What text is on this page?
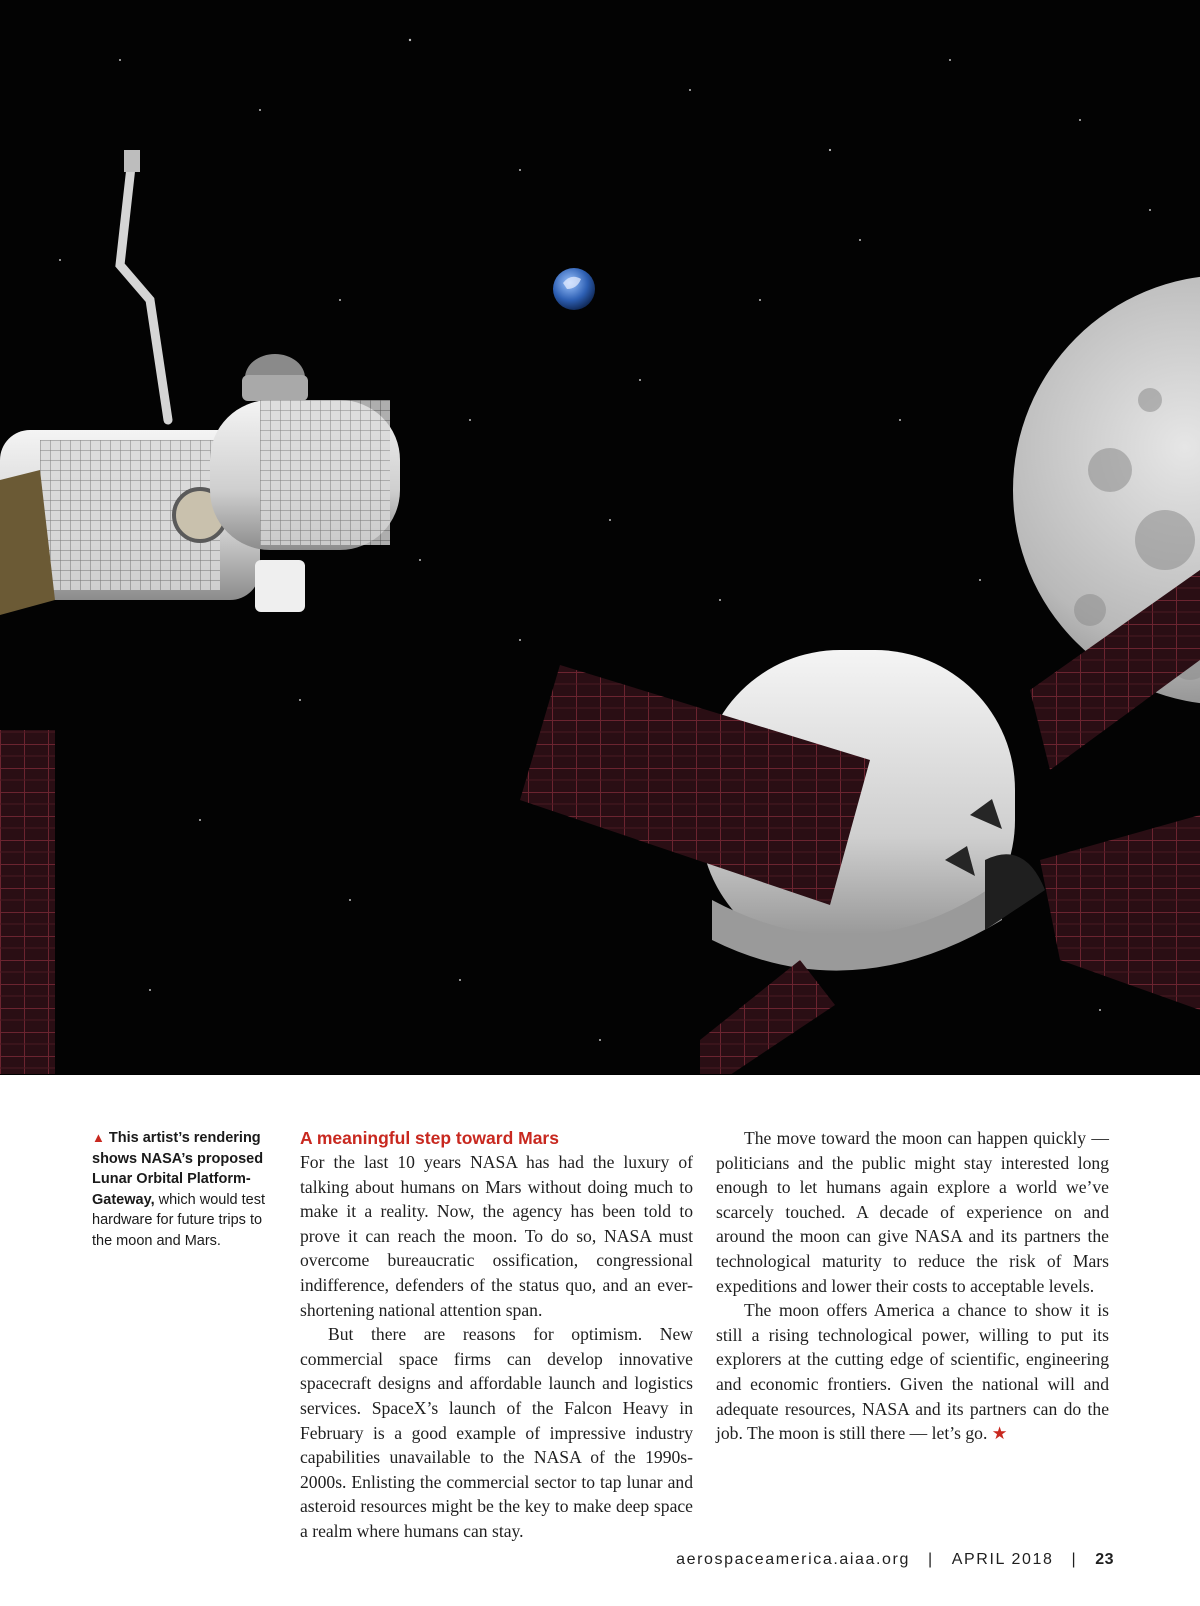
▲ This artist’s rendering shows NASA’s proposed Lunar Orbital Platform-Gateway, which would test hardware for future trips to the moon and Mars.

A meaningful step toward Mars

For the last 10 years NASA has had the luxury of talking about humans on Mars without doing much to make it a reality. Now, the agency has been told to prove it can reach the moon. To do so, NASA must overcome bureaucratic ossification, congressional indifference, defenders of the status quo, and an ever-shortening national attention span.

But there are reasons for optimism. New commercial space firms can develop innovative spacecraft designs and affordable launch and logistics services. SpaceX’s launch of the Falcon Heavy in February is a good example of impressive industry capabilities unavailable to the NASA of the 1990s-2000s. Enlisting the commercial sector to tap lunar and asteroid resources might be the key to make deep space a realm where humans can stay.

The move toward the moon can happen quickly — politicians and the public might stay interested long enough to let humans again explore a world we’ve scarcely touched. A decade of experience on and around the moon can give NASA and its partners the technological maturity to reduce the risk of Mars expeditions and lower their costs to acceptable levels.

The moon offers America a chance to show it is still a rising technological power, willing to put its explorers at the cutting edge of scientific, engineering and economic frontiers. Given the national will and adequate resources, NASA and its partners can do the job. The moon is still there — let’s go. ★

aerospaceamerica.aiaa.org | APRIL 2018 | 23
